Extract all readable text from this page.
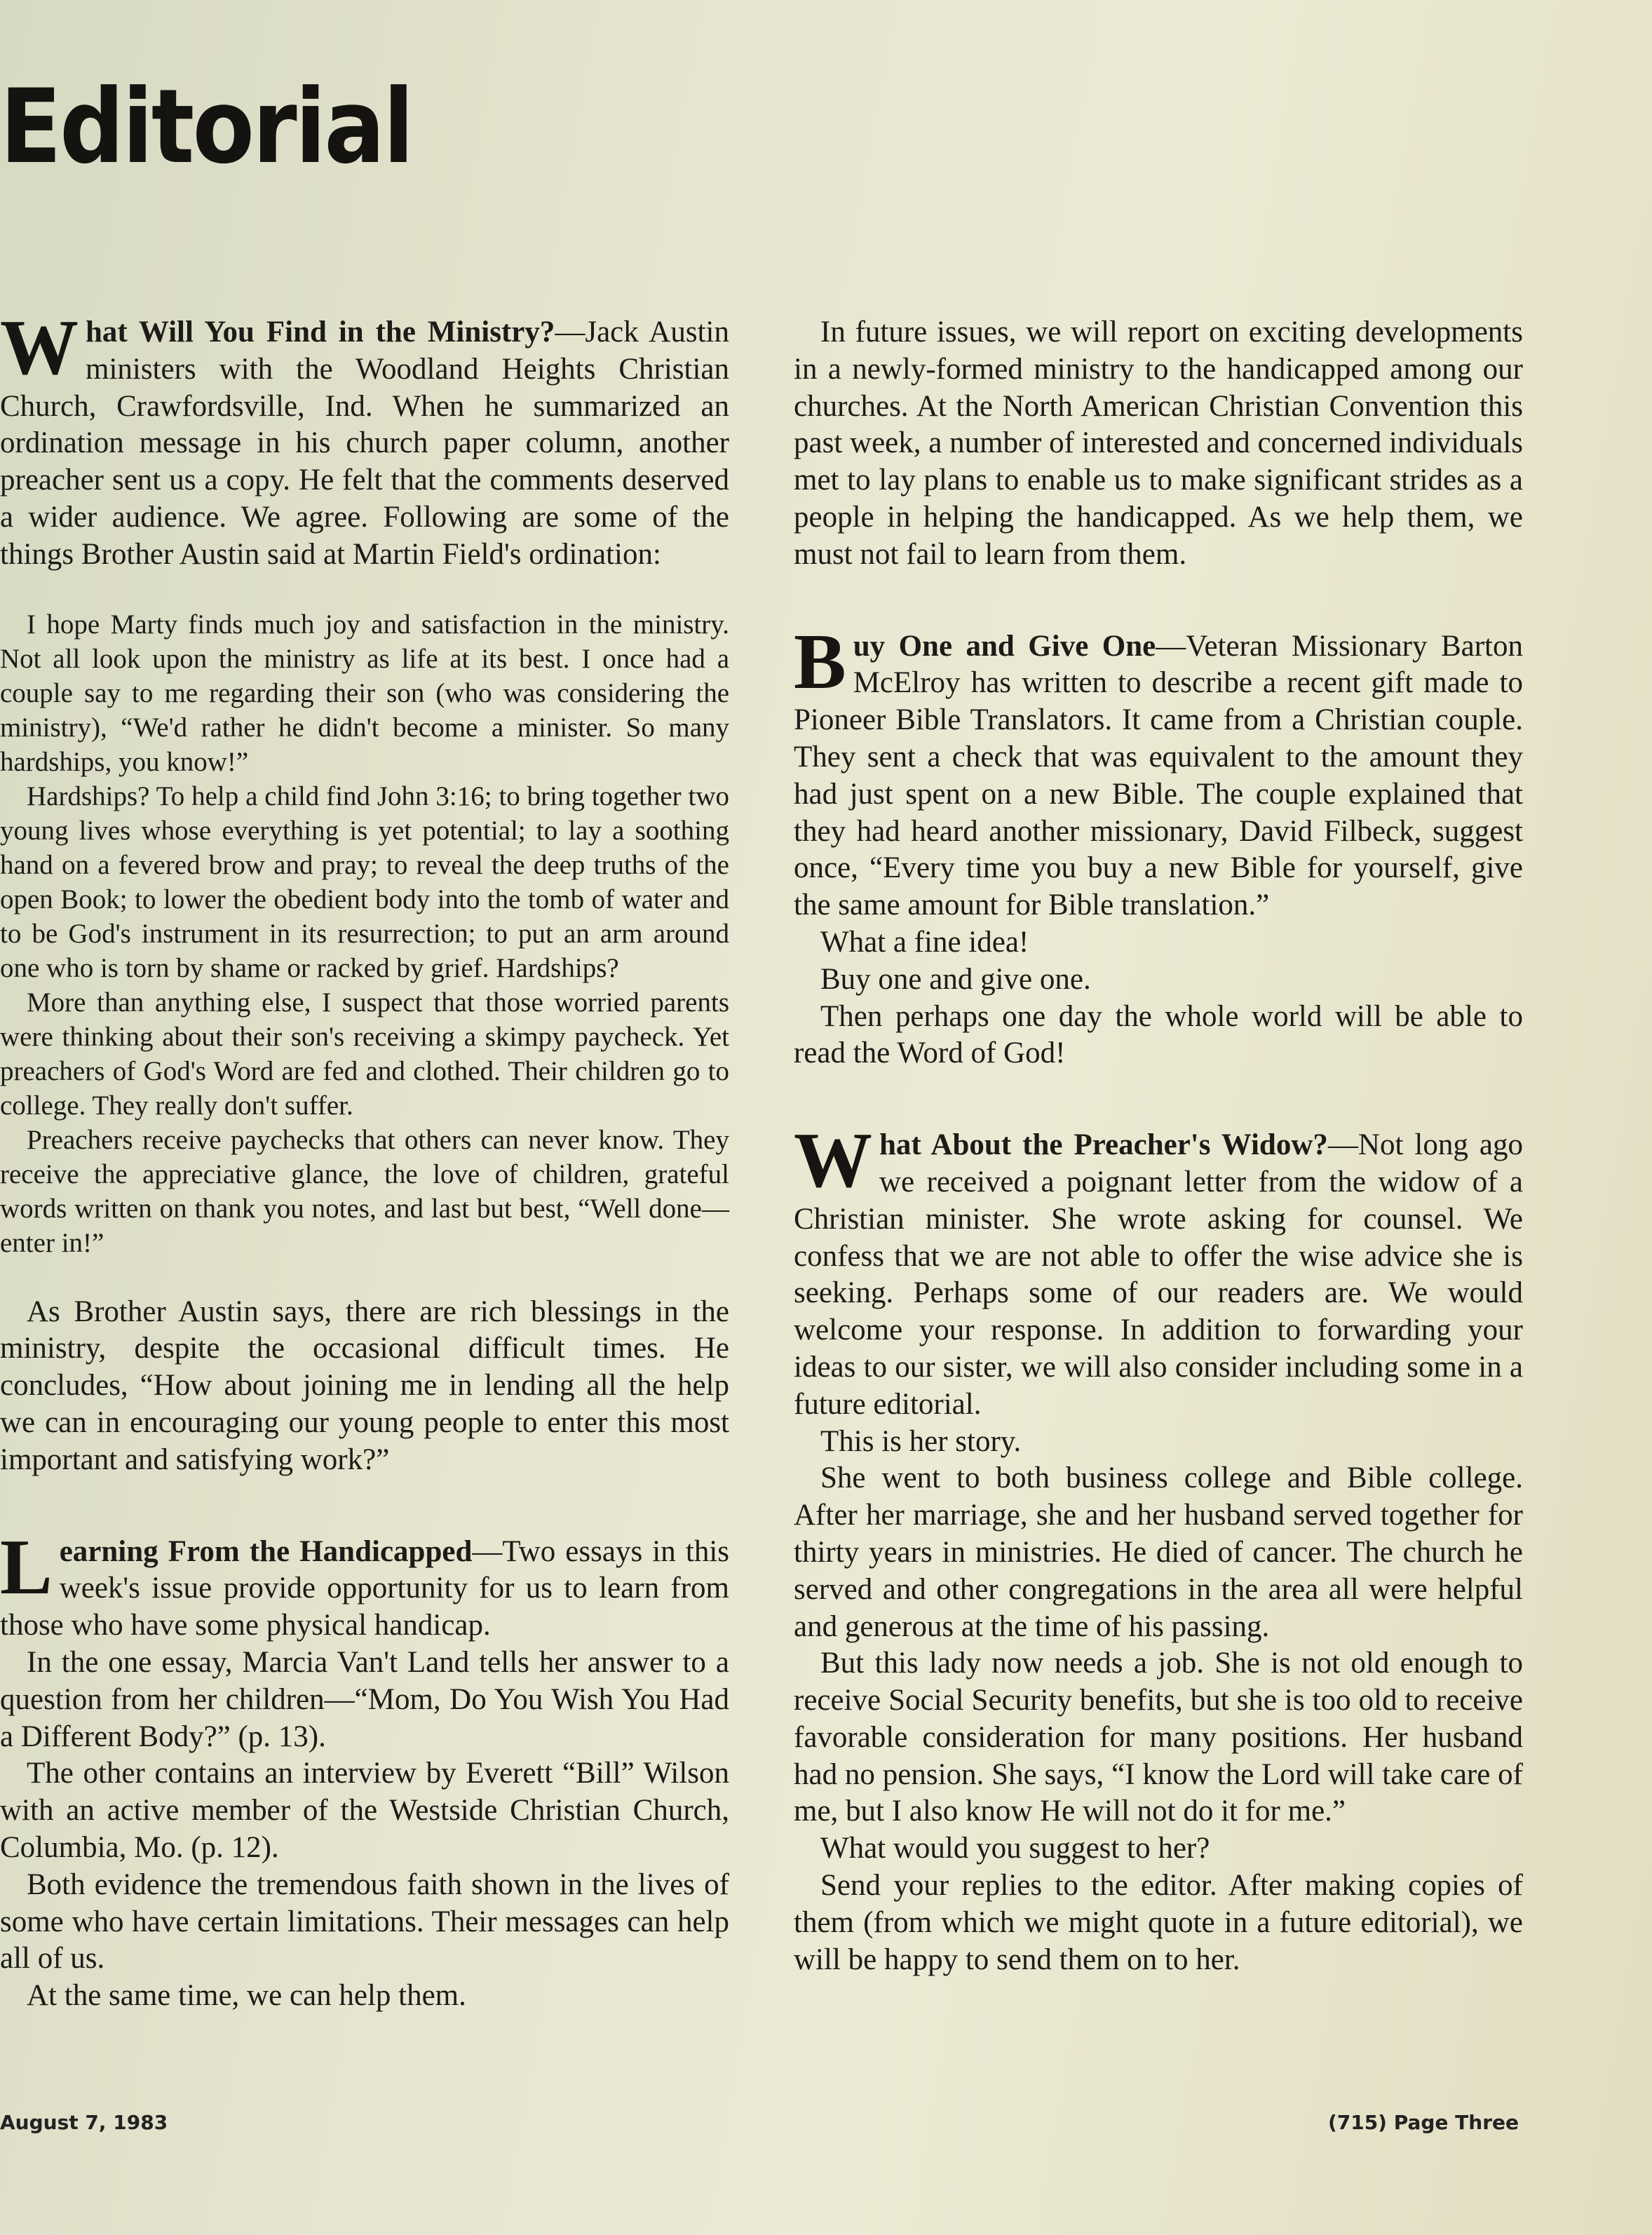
Editorial

What Will You Find in the Ministry?—Jack Austin ministers with the Woodland Heights Christian Church, Crawfordsville, Ind. When he summarized an ordination message in his church paper column, another preacher sent us a copy. He felt that the comments deserved a wider audience. We agree. Following are some of the things Brother Austin said at Martin Field's ordination:

I hope Marty finds much joy and satisfaction in the ministry. Not all look upon the ministry as life at its best. I once had a couple say to me regarding their son (who was considering the ministry), “We'd rather he didn't become a minister. So many hardships, you know!”

Hardships? To help a child find John 3:16; to bring together two young lives whose everything is yet potential; to lay a soothing hand on a fevered brow and pray; to reveal the deep truths of the open Book; to lower the obedient body into the tomb of water and to be God's instrument in its resurrection; to put an arm around one who is torn by shame or racked by grief. Hardships?

More than anything else, I suspect that those worried parents were thinking about their son's receiving a skimpy paycheck. Yet preachers of God's Word are fed and clothed. Their children go to college. They really don't suffer.

Preachers receive paychecks that others can never know. They receive the appreciative glance, the love of children, grateful words written on thank you notes, and last but best, “Well done—enter in!”

As Brother Austin says, there are rich blessings in the ministry, despite the occasional difficult times. He concludes, “How about joining me in lending all the help we can in encouraging our young people to enter this most important and satisfying work?”

Learning From the Handicapped—Two essays in this week's issue provide opportunity for us to learn from those who have some physical handicap.

In the one essay, Marcia Van't Land tells her answer to a question from her children—“Mom, Do You Wish You Had a Different Body?” (p. 13).

The other contains an interview by Everett “Bill” Wilson with an active member of the Westside Christian Church, Columbia, Mo. (p. 12).

Both evidence the tremendous faith shown in the lives of some who have certain limitations. Their messages can help all of us.

At the same time, we can help them.

In future issues, we will report on exciting developments in a newly-formed ministry to the handicapped among our churches. At the North American Christian Convention this past week, a number of interested and concerned individuals met to lay plans to enable us to make significant strides as a people in helping the handicapped. As we help them, we must not fail to learn from them.

Buy One and Give One—Veteran Missionary Barton McElroy has written to describe a recent gift made to Pioneer Bible Translators. It came from a Christian couple. They sent a check that was equivalent to the amount they had just spent on a new Bible. The couple explained that they had heard another missionary, David Filbeck, suggest once, “Every time you buy a new Bible for yourself, give the same amount for Bible translation.”

What a fine idea!

Buy one and give one.

Then perhaps one day the whole world will be able to read the Word of God!

What About the Preacher's Widow?—Not long ago we received a poignant letter from the widow of a Christian minister. She wrote asking for counsel. We confess that we are not able to offer the wise advice she is seeking. Perhaps some of our readers are. We would welcome your response. In addition to forwarding your ideas to our sister, we will also consider including some in a future editorial.

This is her story.

She went to both business college and Bible college. After her marriage, she and her husband served together for thirty years in ministries. He died of cancer. The church he served and other congregations in the area all were helpful and generous at the time of his passing.

But this lady now needs a job. She is not old enough to receive Social Security benefits, but she is too old to receive favorable consideration for many positions. Her husband had no pension. She says, “I know the Lord will take care of me, but I also know He will not do it for me.”

What would you suggest to her?

Send your replies to the editor. After making copies of them (from which we might quote in a future editorial), we will be happy to send them on to her.

August 7, 1983	(715) Page Three
